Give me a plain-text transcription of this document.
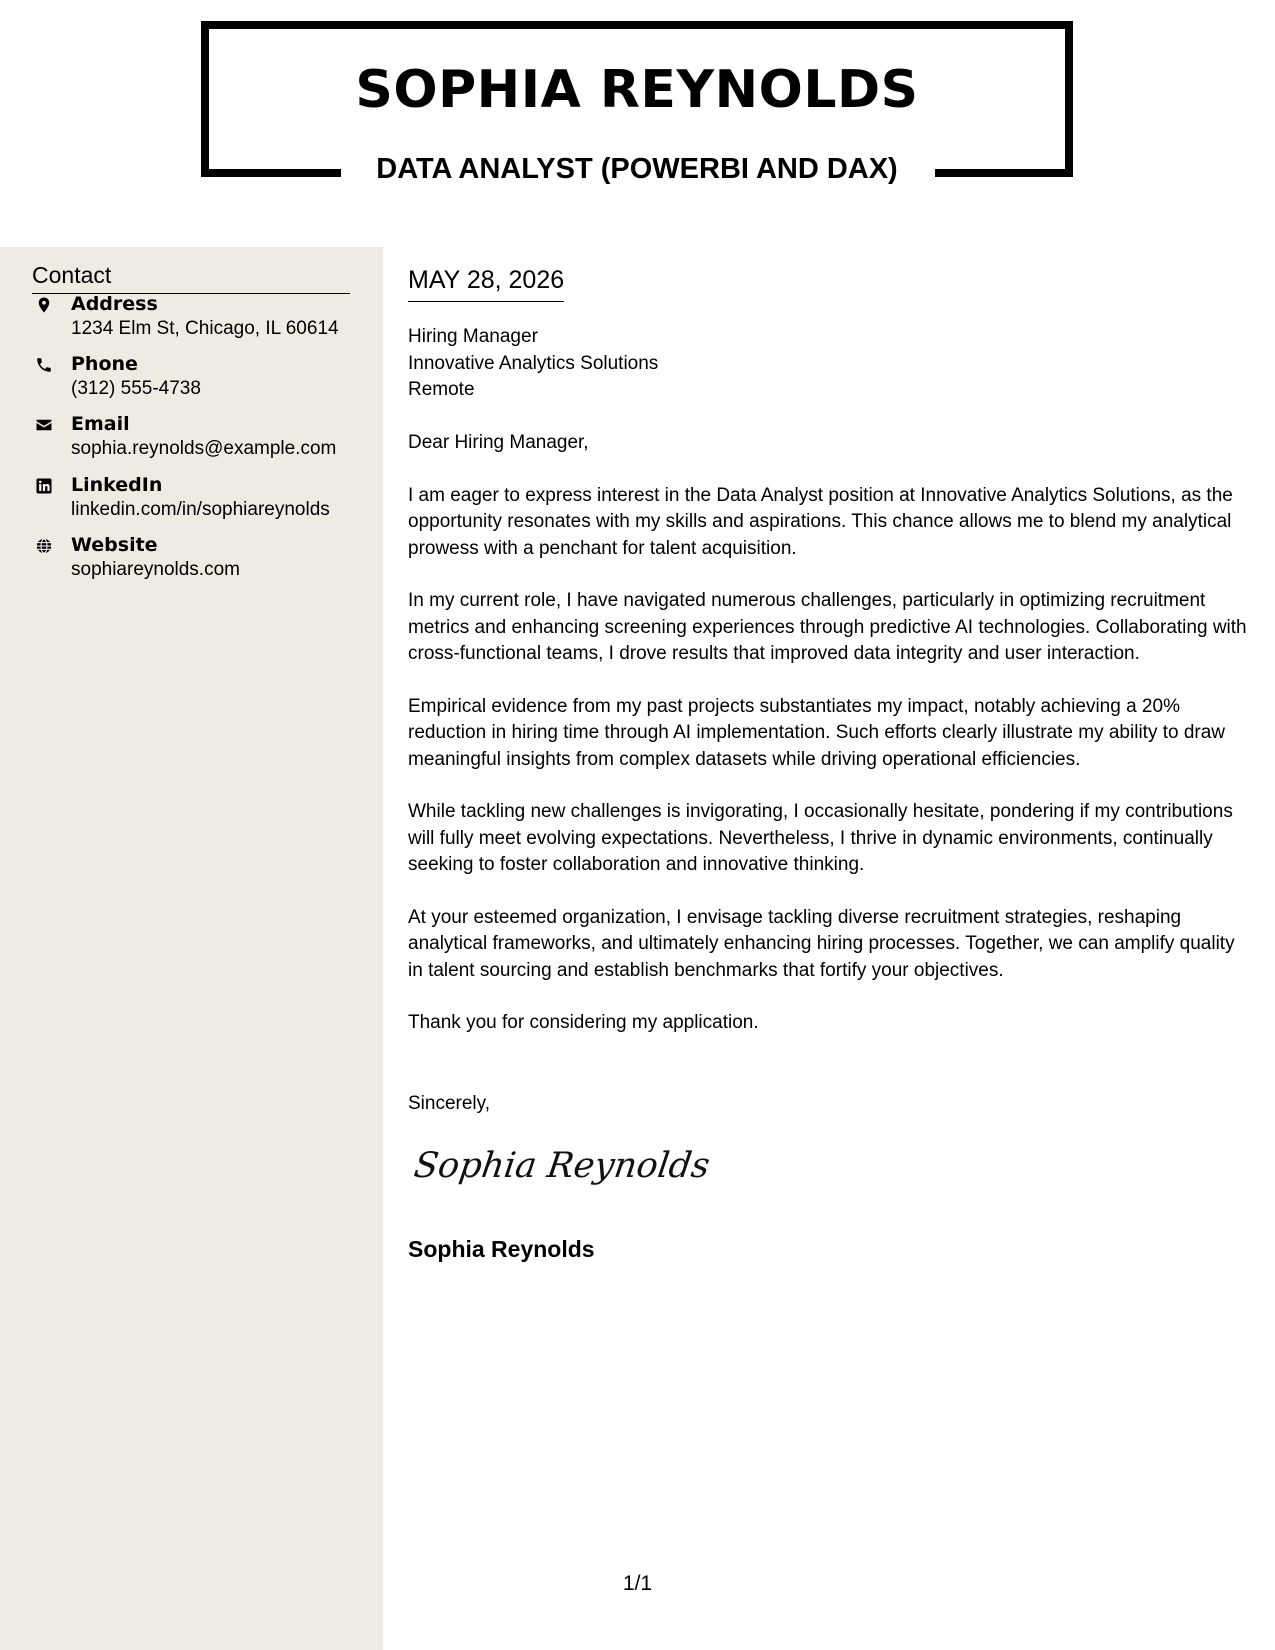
SOPHIA REYNOLDS
DATA ANALYST (POWERBI AND DAX)
Contact
Address
1234 Elm St, Chicago, IL 60614
Phone
(312) 555-4738
Email
sophia.reynolds@example.com
LinkedIn
linkedin.com/in/sophiareynolds
Website
sophiareynolds.com
MAY 28, 2026
Hiring Manager
Innovative Analytics Solutions
Remote

Dear Hiring Manager,

I am eager to express interest in the Data Analyst position at Innovative Analytics Solutions, as the opportunity resonates with my skills and aspirations. This chance allows me to blend my analytical prowess with a penchant for talent acquisition.

In my current role, I have navigated numerous challenges, particularly in optimizing recruitment metrics and enhancing screening experiences through predictive AI technologies. Collaborating with cross-functional teams, I drove results that improved data integrity and user interaction.

Empirical evidence from my past projects substantiates my impact, notably achieving a 20% reduction in hiring time through AI implementation. Such efforts clearly illustrate my ability to draw meaningful insights from complex datasets while driving operational efficiencies.

While tackling new challenges is invigorating, I occasionally hesitate, pondering if my contributions will fully meet evolving expectations. Nevertheless, I thrive in dynamic environments, continually seeking to foster collaboration and innovative thinking.

At your esteemed organization, I envisage tackling diverse recruitment strategies, reshaping analytical frameworks, and ultimately enhancing hiring processes. Together, we can amplify quality in talent sourcing and establish benchmarks that fortify your objectives.

Thank you for considering my application.

Sincerely,
Sophia Reynolds
Sophia Reynolds
1/1
